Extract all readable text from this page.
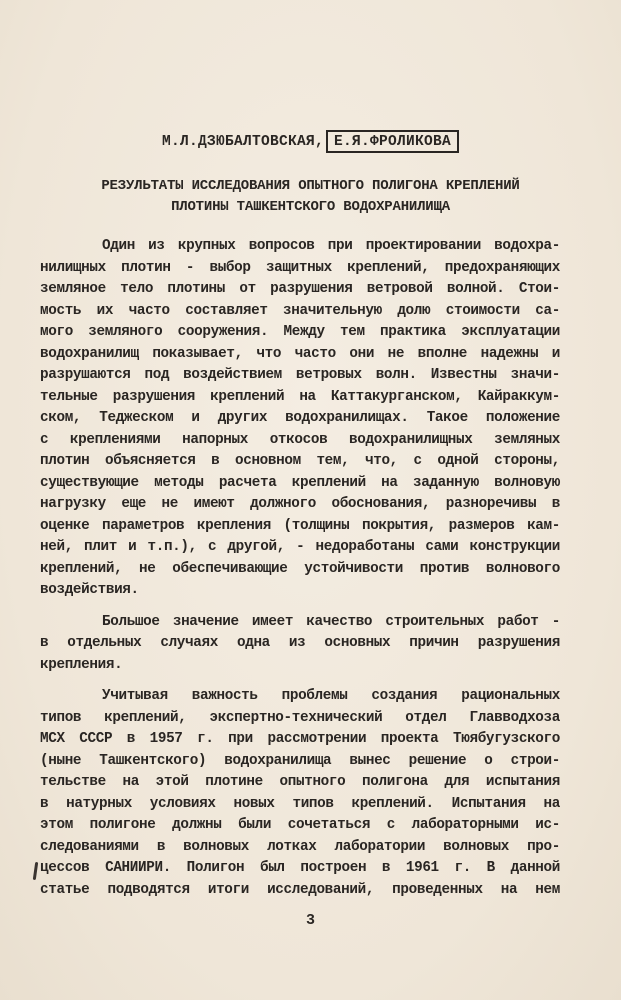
М.Л.ДЗЮБАЛТОВСКАЯ, Е.Я.ФРОЛИКОВА
РЕЗУЛЬТАТЫ ИССЛЕДОВАНИЯ ОПЫТНОГО ПОЛИГОНА КРЕПЛЕНИЙ
ПЛОТИНЫ ТАШКЕНТСКОГО ВОДОХРАНИЛИЩА
Один из крупных вопросов при проектировании водохра-
нилищных плотин - выбор защитных креплений, предохраняющих
земляное тело плотины от разрушения ветровой волной. Стои-
мость их часто составляет значительную долю стоимости са-
мого земляного сооружения. Между тем практика эксплуатации
водохранилищ показывает, что часто они не вполне надежны и
разрушаются под воздействием ветровых волн. Известны значи-
тельные разрушения креплений на Каттакурганском, Кайраккум-
ском, Теджеском и других водохранилищах. Такое положение
с креплениями напорных откосов водохранилищных земляных
плотин объясняется в основном тем, что, с одной стороны,
существующие методы расчета креплений на заданную волновую
нагрузку еще не имеют должного обоснования, разноречивы в
оценке параметров крепления (толщины покрытия, размеров кам-
ней, плит и т.п.), с другой, - недоработаны сами конструкции
креплений, не обеспечивающие устойчивости против волнового
воздействия.
Большое значение имеет качество строительных работ -
в отдельных случаях одна из основных причин разрушения
крепления.
Учитывая важность проблемы создания рациональных
типов креплений, экспертно-технический отдел Главводхоза
МСХ СССР в 1957 г. при рассмотрении проекта Тюябугузского
(ныне Ташкентского) водохранилища вынес решение о строи-
тельстве на этой плотине опытного полигона для испытания
в натурных условиях новых типов креплений. Испытания на
этом полигоне должны были сочетаться с лабораторными ис-
следованиями в волновых лотках лаборатории волновых про-
цессов САНИИРИ. Полигон был построен в 1961 г. В данной
статье подводятся итоги исследований, проведенных на нем
3
